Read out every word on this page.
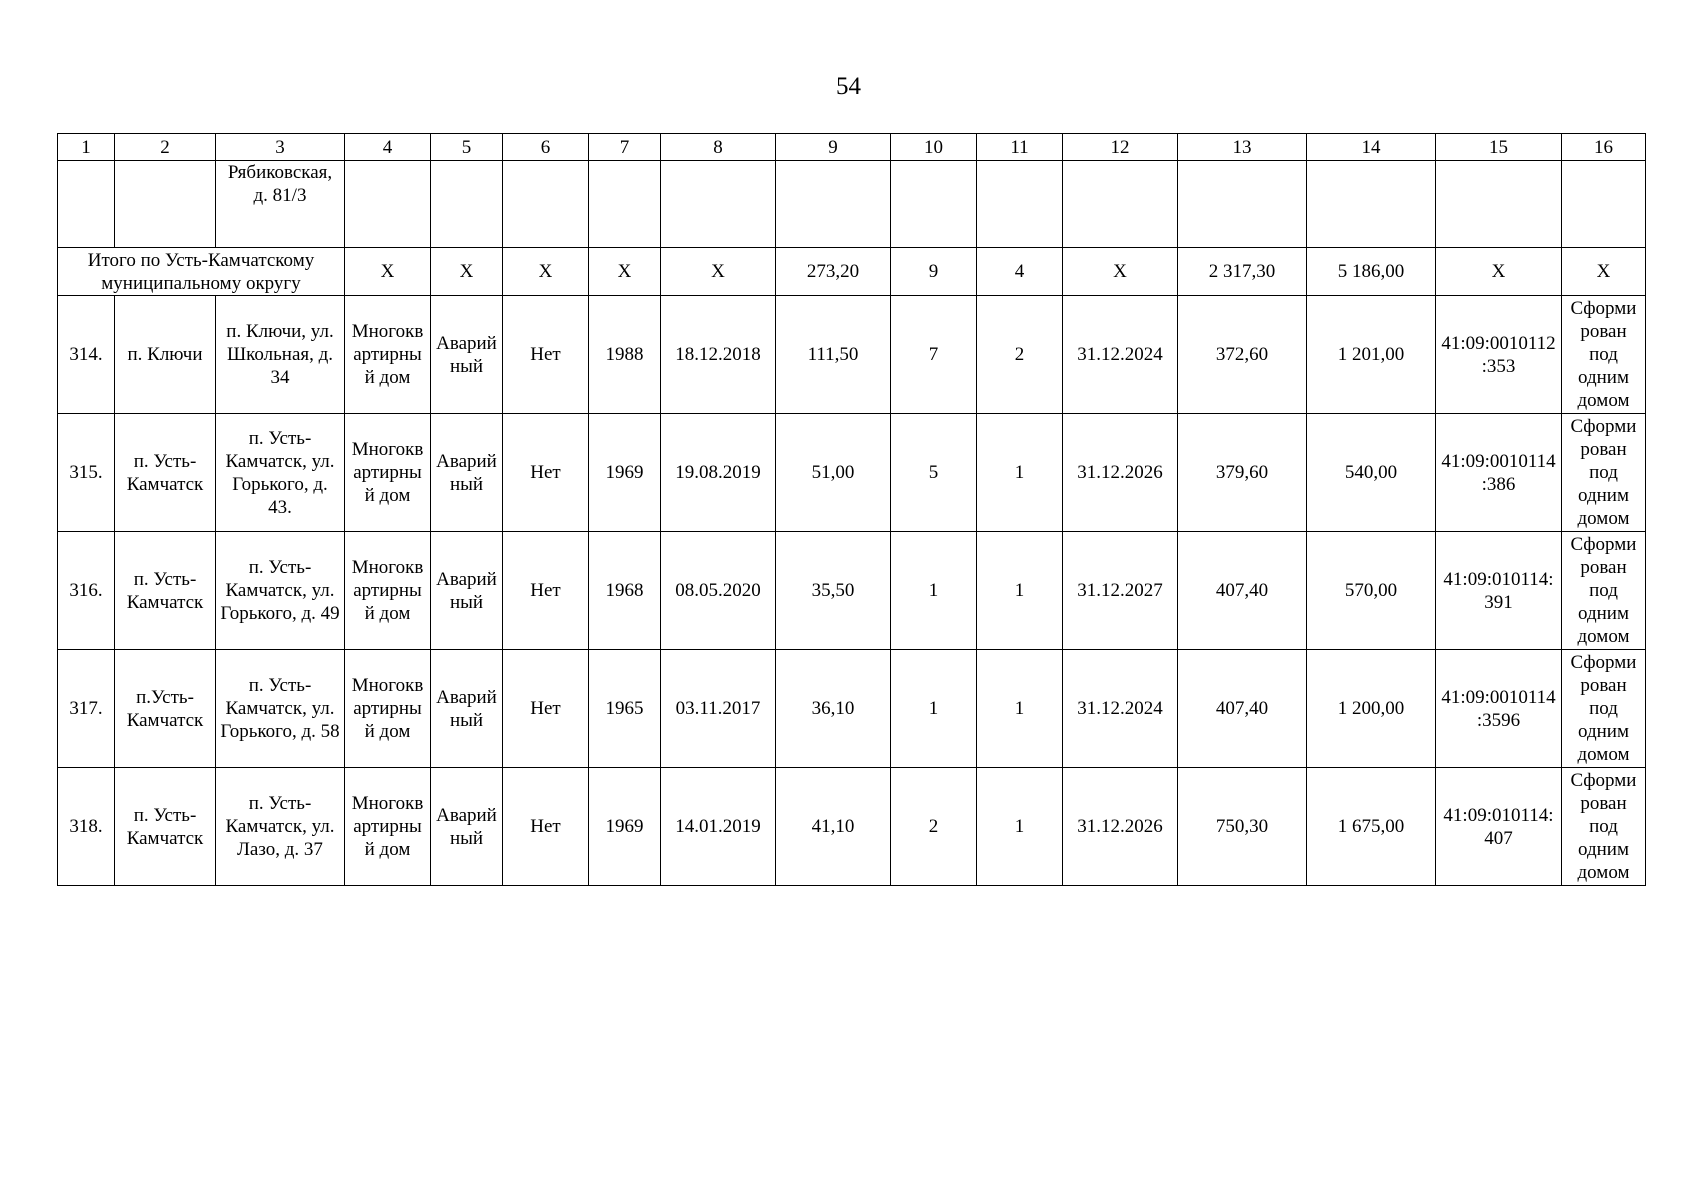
54
1	2	3	4	5	6	7	8	9	10	11	12	13	14	15	16
		Рябиковская, д. 81/3													
Итого по Усть-Камчатскому муниципальному округу			Х	Х	Х	Х	Х	273,20	9	4	Х	2 317,30	5 186,00	Х	Х
314.	п. Ключи	п. Ключи, ул. Школьная, д. 34	Многоквартирный дом	Аварийный	Нет	1988	18.12.2018	111,50	7	2	31.12.2024	372,60	1 201,00	41:09:0010112:353	Сформирован под одним домом
315.	п. Усть-Камчатск	п. Усть-Камчатск, ул. Горького, д. 43.	Многоквартирный дом	Аварийный	Нет	1969	19.08.2019	51,00	5	1	31.12.2026	379,60	540,00	41:09:0010114:386	Сформирован под одним домом
316.	п. Усть-Камчатск	п. Усть-Камчатск, ул. Горького, д. 49	Многоквартирный дом	Аварийный	Нет	1968	08.05.2020	35,50	1	1	31.12.2027	407,40	570,00	41:09:010114:391	Сформирован под одним домом
317.	п.Усть-Камчатск	п. Усть-Камчатск, ул. Горького, д. 58	Многоквартирный дом	Аварийный	Нет	1965	03.11.2017	36,10	1	1	31.12.2024	407,40	1 200,00	41:09:0010114:3596	Сформирован под одним домом
318.	п. Усть-Камчатск	п. Усть-Камчатск, ул. Лазо, д. 37	Многоквартирный дом	Аварийный	Нет	1969	14.01.2019	41,10	2	1	31.12.2026	750,30	1 675,00	41:09:010114:407	Сформирован под одним домом
